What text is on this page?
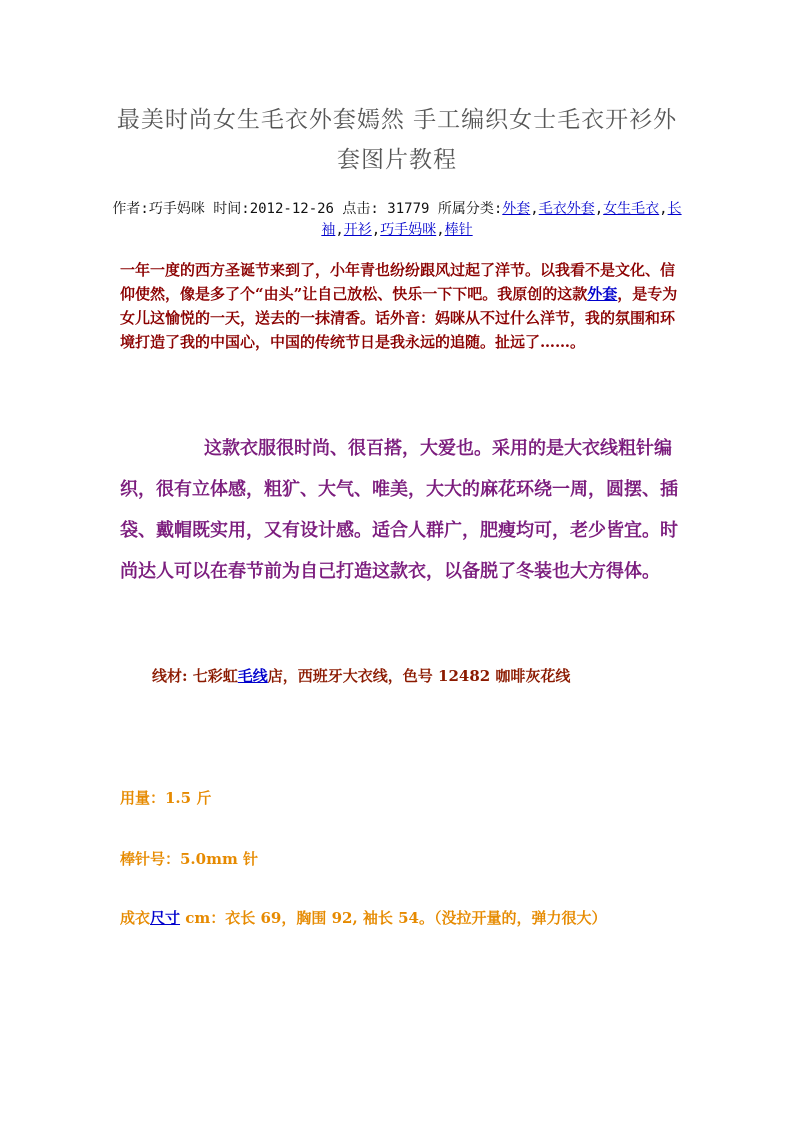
最美时尚女生毛衣外套嫣然 手工编织女士毛衣开衫外套图片教程
作者:巧手妈咪 时间:2012-12-26 点击: 31779 所属分类:外套,毛衣外套,女生毛衣,长袖,开衫,巧手妈咪,棒针
一年一度的西方圣诞节来到了，小年青也纷纷跟风过起了洋节。以我看不是文化、信仰使然，像是多了个“由头”让自己放松、快乐一下下吧。我原创的这款外套，是专为女儿这愉悦的一天，送去的一抹清香。话外音：妈咪从不过什么洋节，我的氛围和环境打造了我的中国心，中国的传统节日是我永远的追随。扯远了……。
这款衣服很时尚、很百搭，大爱也。采用的是大衣线粗针编织，很有立体感，粗犷、大气、唯美，大大的麻花环绕一周，圆摆、插袋、戴帽既实用，又有设计感。适合人群广，肥瘦均可，老少皆宜。时尚达人可以在春节前为自己打造这款衣，以备脱了冬装也大方得体。
线材: 七彩虹毛线店，西班牙大衣线，色号 12482 咖啡灰花线
用量：1.5 斤
棒针号：5.0mm 针
成衣尺寸 cm：衣长 69，胸围 92, 袖长 54。（没拉开量的，弹力很大）
